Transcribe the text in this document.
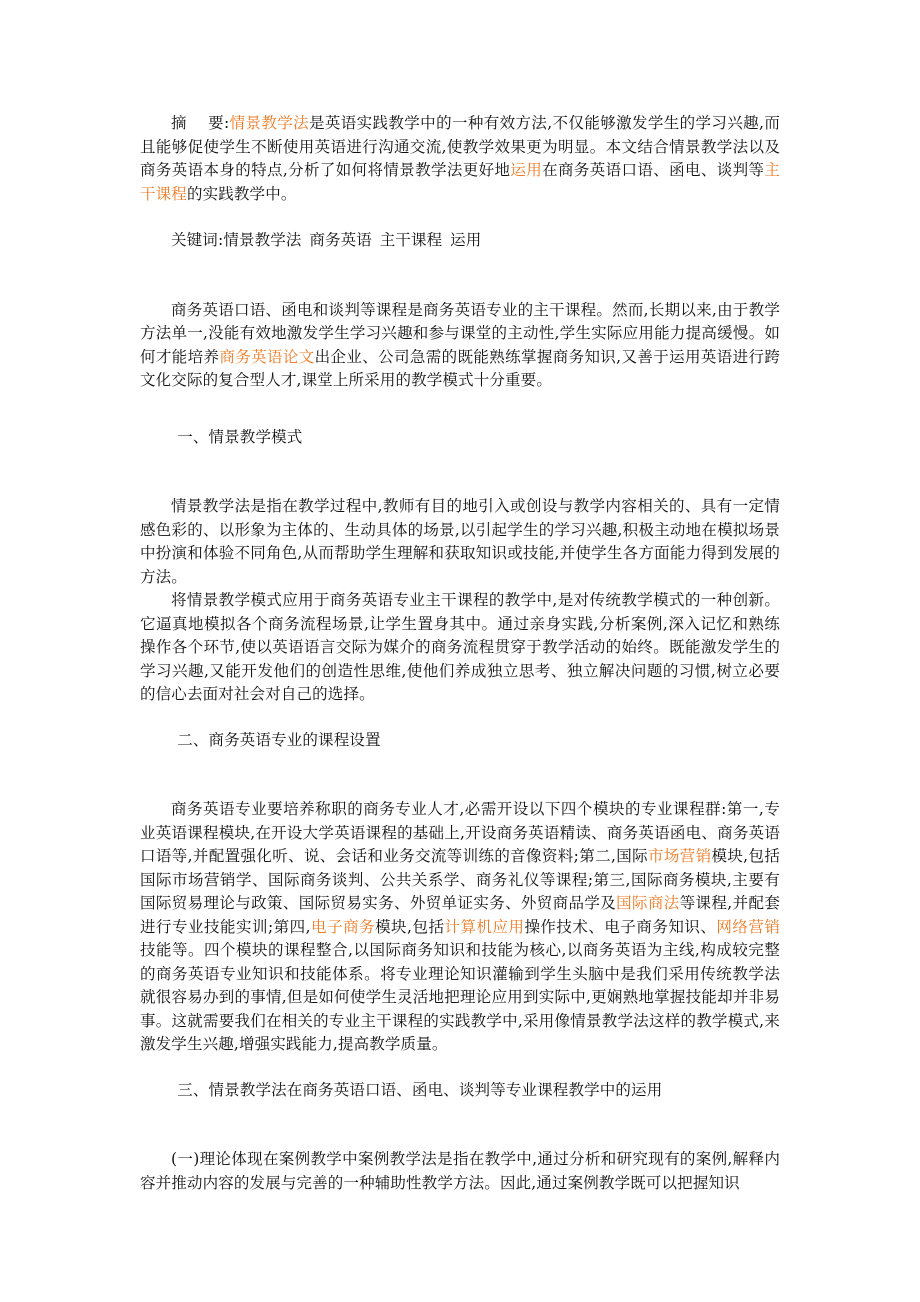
摘　 要:情景教学法是英语实践教学中的一种有效方法,不仅能够激发学生的学习兴趣,而且能够促使学生不断使用英语进行沟通交流,使教学效果更为明显。本文结合情景教学法以及商务英语本身的特点,分析了如何将情景教学法更好地运用在商务英语口语、函电、谈判等主干课程的实践教学中。

关键词:情景教学法 商务英语 主干课程 运用

商务英语口语、函电和谈判等课程是商务英语专业的主干课程。然而,长期以来,由于教学方法单一,没能有效地激发学生学习兴趣和参与课堂的主动性,学生实际应用能力提高缓慢。如何才能培养商务英语论文出企业、公司急需的既能熟练掌握商务知识,又善于运用英语进行跨文化交际的复合型人才,课堂上所采用的教学模式十分重要。

一、情景教学模式

情景教学法是指在教学过程中,教师有目的地引入或创设与教学内容相关的、具有一定情感色彩的、以形象为主体的、生动具体的场景,以引起学生的学习兴趣,积极主动地在模拟场景中扮演和体验不同角色,从而帮助学生理解和获取知识或技能,并使学生各方面能力得到发展的方法。

将情景教学模式应用于商务英语专业主干课程的教学中,是对传统教学模式的一种创新。它逼真地模拟各个商务流程场景,让学生置身其中。通过亲身实践,分析案例,深入记忆和熟练操作各个环节,使以英语语言交际为媒介的商务流程贯穿于教学活动的始终。既能激发学生的学习兴趣,又能开发他们的创造性思维,使他们养成独立思考、独立解决问题的习惯,树立必要的信心去面对社会对自己的选择。

二、商务英语专业的课程设置

商务英语专业要培养称职的商务专业人才,必需开设以下四个模块的专业课程群:第一,专业英语课程模块,在开设大学英语课程的基础上,开设商务英语精读、商务英语函电、商务英语口语等,并配置强化听、说、会话和业务交流等训练的音像资料;第二,国际市场营销模块,包括国际市场营销学、国际商务谈判、公共关系学、商务礼仪等课程;第三,国际商务模块,主要有国际贸易理论与政策、国际贸易实务、外贸单证实务、外贸商品学及国际商法等课程,并配套进行专业技能实训;第四,电子商务模块,包括计算机应用操作技术、电子商务知识、网络营销技能等。四个模块的课程整合,以国际商务知识和技能为核心,以商务英语为主线,构成较完整的商务英语专业知识和技能体系。将专业理论知识灌输到学生头脑中是我们采用传统教学法就很容易办到的事情,但是如何使学生灵活地把理论应用到实际中,更娴熟地掌握技能却并非易事。这就需要我们在相关的专业主干课程的实践教学中,采用像情景教学法这样的教学模式,来激发学生兴趣,增强实践能力,提高教学质量。

三、情景教学法在商务英语口语、函电、谈判等专业课程教学中的运用

(一)理论体现在案例教学中案例教学法是指在教学中,通过分析和研究现有的案例,解释内容并推动内容的发展与完善的一种辅助性教学方法。因此,通过案例教学既可以把握知识
